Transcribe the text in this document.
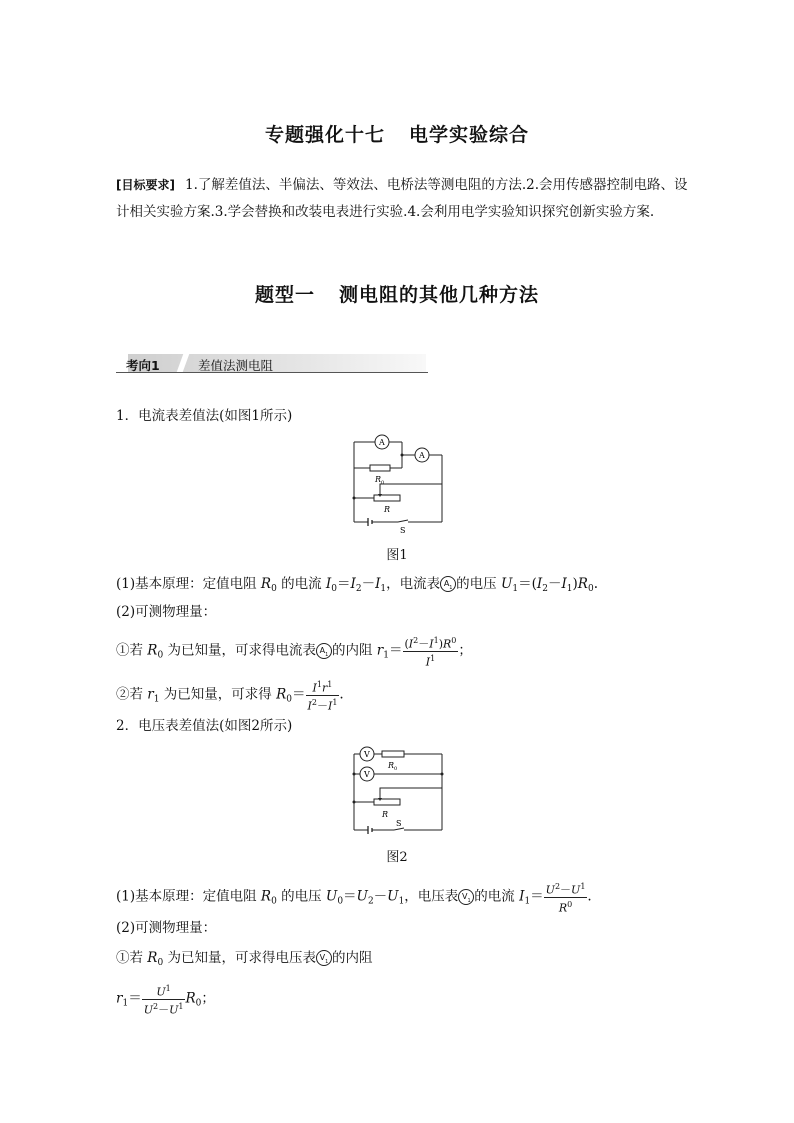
专题强化十七 电学实验综合
[目标要求] 1.了解差值法、半偏法、等效法、电桥法等测电阻的方法.2.会用传感器控制电路、设计相关实验方案.3.学会替换和改装电表进行实验.4.会利用电学实验知识探究创新实验方案.
题型一 测电阻的其他几种方法
考向1	差值法测电阻
1．电流表差值法(如图1所示)
A
A
R 0
R
S
图1
(1)基本原理：定值电阻 $R_0$ 的电流 $I_0=I_2-I_1$，电流表 $A_1$ 的电压 $U_1=(I_2-I_1)R_0$.
(2)可测物理量：
①若 $R_0$ 为已知量，可求得电流表 $A_1$ 的内阻 $r_1= \frac{(I^2-I^1)R^0}{I^1}$ ；
②若 $r_1$ 为已知量，可求得 $R_0= \frac{I^1r^1}{I^2-I^1}$ .
2．电压表差值法(如图2所示)
V
V
R 0
R
S
图2
(1)基本原理：定值电阻 $R_0$ 的电压 $U_0=U_2-U_1$，电压表 $V_1$ 的电流 $I_1= \frac{U^2-U^1}{R^0}$ .
(2)可测物理量：
①若 $R_0$ 为已知量，可求得电压表 $V_1$ 的内阻
$r_1= \frac{U^1}{U^2-U^1} R_0$；
